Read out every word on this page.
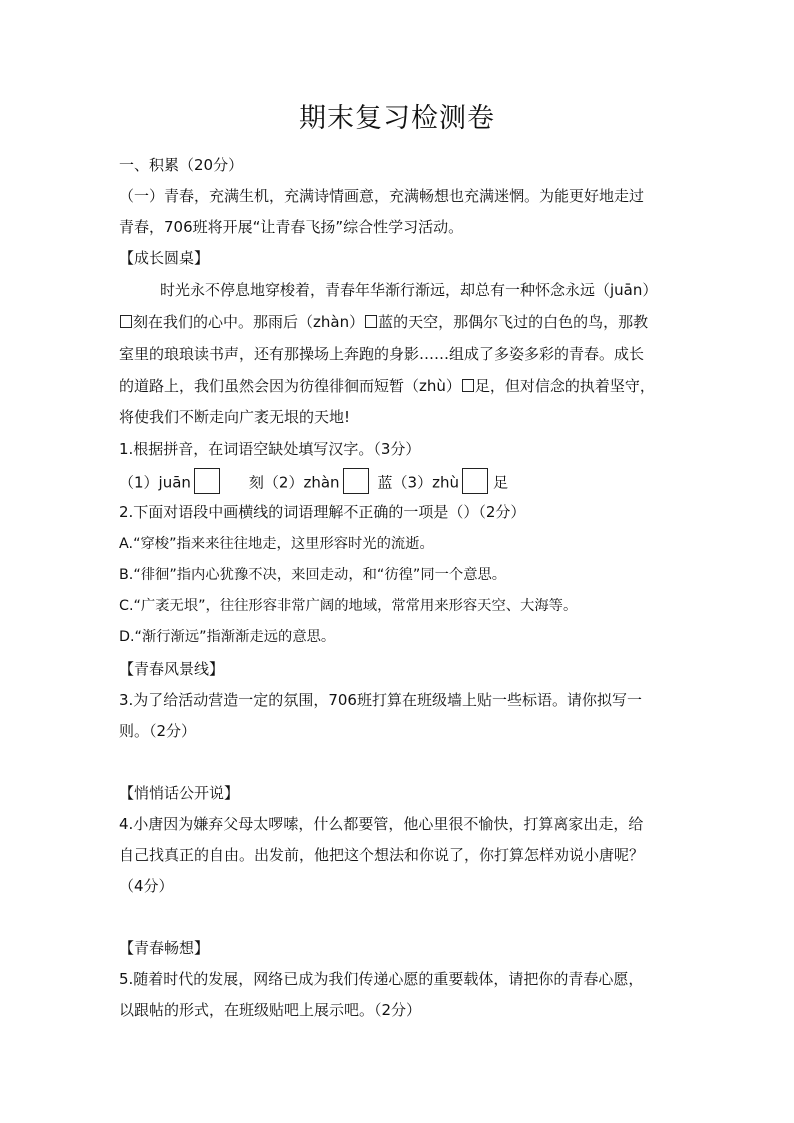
期末复习检测卷
一、积累（20分）
（一）青春，充满生机，充满诗情画意，充满畅想也充满迷惘。为能更好地走过
青春，706班将开展“让青春飞扬”综合性学习活动。
【成长圆桌】
时光永不停息地穿梭着，青春年华渐行渐远，却总有一种怀念永远（juān）
刻在我们的心中。那雨后（zhàn） 蓝的天空，那偶尔飞过的白色的鸟，那教
室里的琅琅读书声，还有那操场上奔跑的身影……组成了多姿多彩的青春。成长
的道路上，我们虽然会因为彷徨徘徊而短暂（zhù） 足，但对信念的执着坚守，
将使我们不断走向广袤无垠的天地!
1.根据拼音，在词语空缺处填写汉字。（3分）
（1）juān	刻（2）zhàn	蓝（3）zhù 足
2.下面对语段中画横线的词语理解不正确的一项是（）（2分）
A.“穿梭”指来来往往地走，这里形容时光的流逝。
B.“徘徊”指内心犹豫不决，来回走动，和“彷徨”同一个意思。
C.“广袤无垠”，往往形容非常广阔的地域，常常用来形容天空、大海等。
D.“渐行渐远”指渐渐走远的意思。
【青春风景线】
3.为了给活动营造一定的氛围，706班打算在班级墙上贴一些标语。请你拟写一
则。（2分）
【悄悄话公开说】
4.小唐因为嫌弃父母太啰嗦，什么都要管，他心里很不愉快，打算离家出走，给
自己找真正的自由。出发前，他把这个想法和你说了，你打算怎样劝说小唐呢？
（4分）
【青春畅想】
5.随着时代的发展，网络已成为我们传递心愿的重要载体，请把你的青春心愿，
以跟帖的形式，在班级贴吧上展示吧。（2分）
